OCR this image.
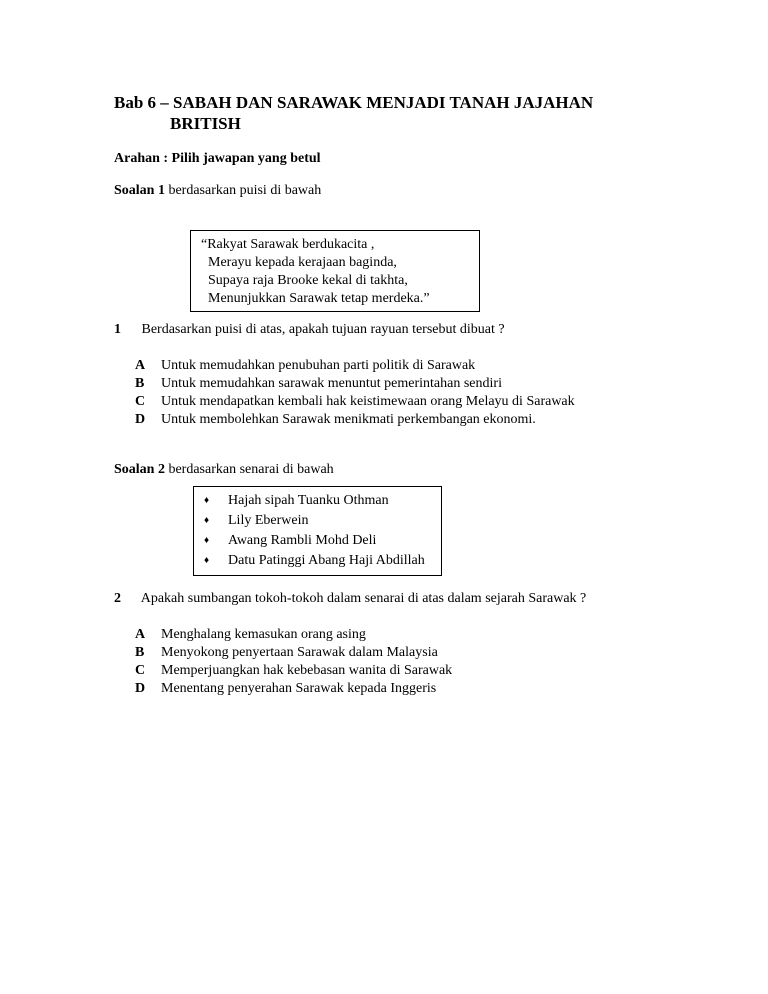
Bab 6 – SABAH DAN SARAWAK MENJADI TANAH JAJAHAN
BRITISH
Arahan : Pilih jawapan yang betul
Soalan 1 berdasarkan puisi di bawah
“Rakyat Sarawak berdukacita ,
Merayu kepada kerajaan baginda,
Supaya raja Brooke kekal di takhta,
Menunjukkan Sarawak tetap merdeka.”
1 Berdasarkan puisi di atas, apakah tujuan rayuan tersebut dibuat ?
A	Untuk memudahkan penubuhan parti politik di Sarawak
B	Untuk memudahkan sarawak menuntut pemerintahan sendiri
C	Untuk mendapatkan kembali hak keistimewaan orang Melayu di Sarawak
D	Untuk membolehkan Sarawak menikmati perkembangan ekonomi.
Soalan 2 berdasarkan senarai di bawah
♦	Hajah sipah Tuanku Othman
♦	Lily Eberwein
♦	Awang Rambli Mohd Deli
♦	Datu Patinggi Abang Haji Abdillah
2 Apakah sumbangan tokoh-tokoh dalam senarai di atas dalam sejarah Sarawak ?
A	Menghalang kemasukan orang asing
B	Menyokong penyertaan Sarawak dalam Malaysia
C	Memperjuangkan hak kebebasan wanita di Sarawak
D	Menentang penyerahan Sarawak kepada Inggeris
